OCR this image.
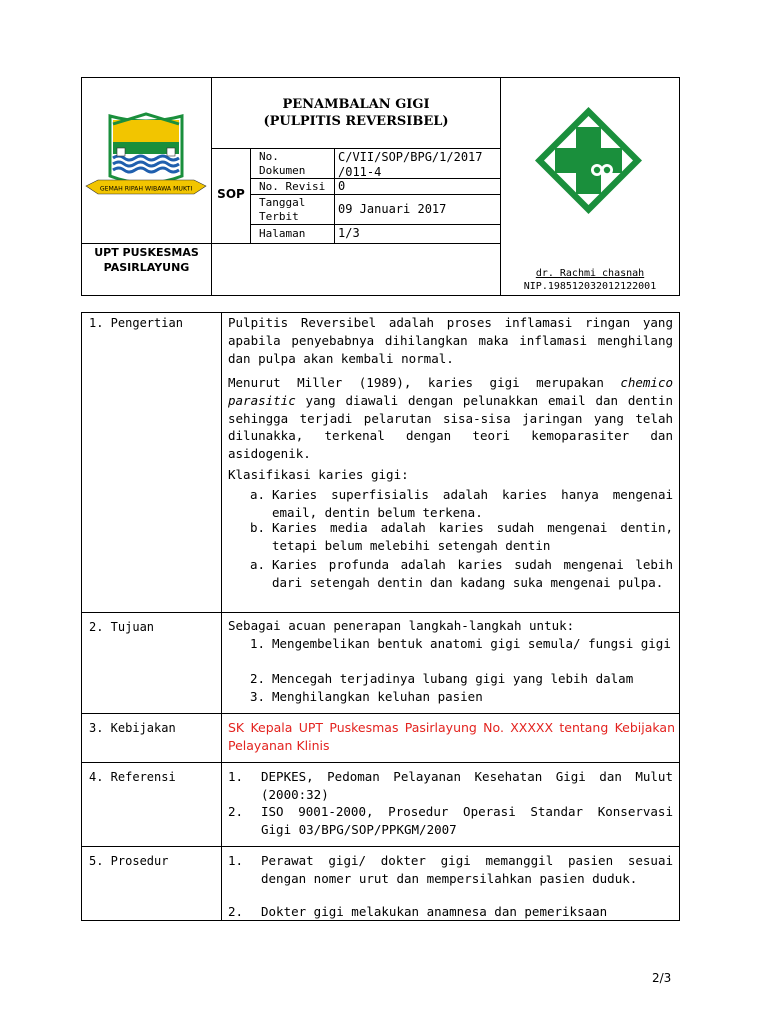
GEMAH RIPAH WIBAWA MUKTI
PENAMBALAN GIGI
(PULPITIS REVERSIBEL)
SOP
No. Dokumen
C/VII/SOP/BPG/1/2017 /011-4
No. Revisi 0
Tanggal Terbit
09 Januari 2017
Halaman	1/3
UPT PUSKESMAS PASIRLAYUNG	dr. Rachmi chasnah
NIP.198512032012122001
1. Pengertian	Pulpitis Reversibel adalah proses inflamasi ringan yang apabila penyebabnya dihilangkan maka inflamasi menghilang dan pulpa akan kembali normal.
Menurut Miller (1989), karies gigi merupakan chemico parasitic yang diawali dengan pelunakkan email dan dentin sehingga terjadi pelarutan sisa-sisa jaringan yang telah dilunakka, terkenal dengan teori kemoparasiter dan asidogenik.
Klasifikasi karies gigi:
a. Karies superfisialis adalah karies hanya mengenai email, dentin belum terkena.
b. Karies media adalah karies sudah mengenai dentin, tetapi belum melebihi setengah dentin
a. Karies profunda adalah karies sudah mengenai lebih dari setengah dentin dan kadang suka mengenai pulpa.
2. Tujuan	Sebagai acuan penerapan langkah-langkah untuk:
1. Mengembelikan bentuk anatomi gigi semula/ fungsi gigi
2. Mencegah terjadinya lubang gigi yang lebih dalam
3. Menghilangkan keluhan pasien
3. Kebijakan	SK Kepala UPT Puskesmas Pasirlayung No. XXXXX tentang Kebijakan Pelayanan Klinis
4. Referensi	1. DEPKES, Pedoman Pelayanan Kesehatan Gigi dan Mulut (2000:32)
2. ISO 9001-2000, Prosedur Operasi Standar Konservasi Gigi 03/BPG/SOP/PPKGM/2007
5. Prosedur	1. Perawat gigi/ dokter gigi memanggil pasien sesuai dengan nomer urut dan mempersilahkan pasien duduk.
2. Dokter gigi melakukan anamnesa dan pemeriksaan
2/3
